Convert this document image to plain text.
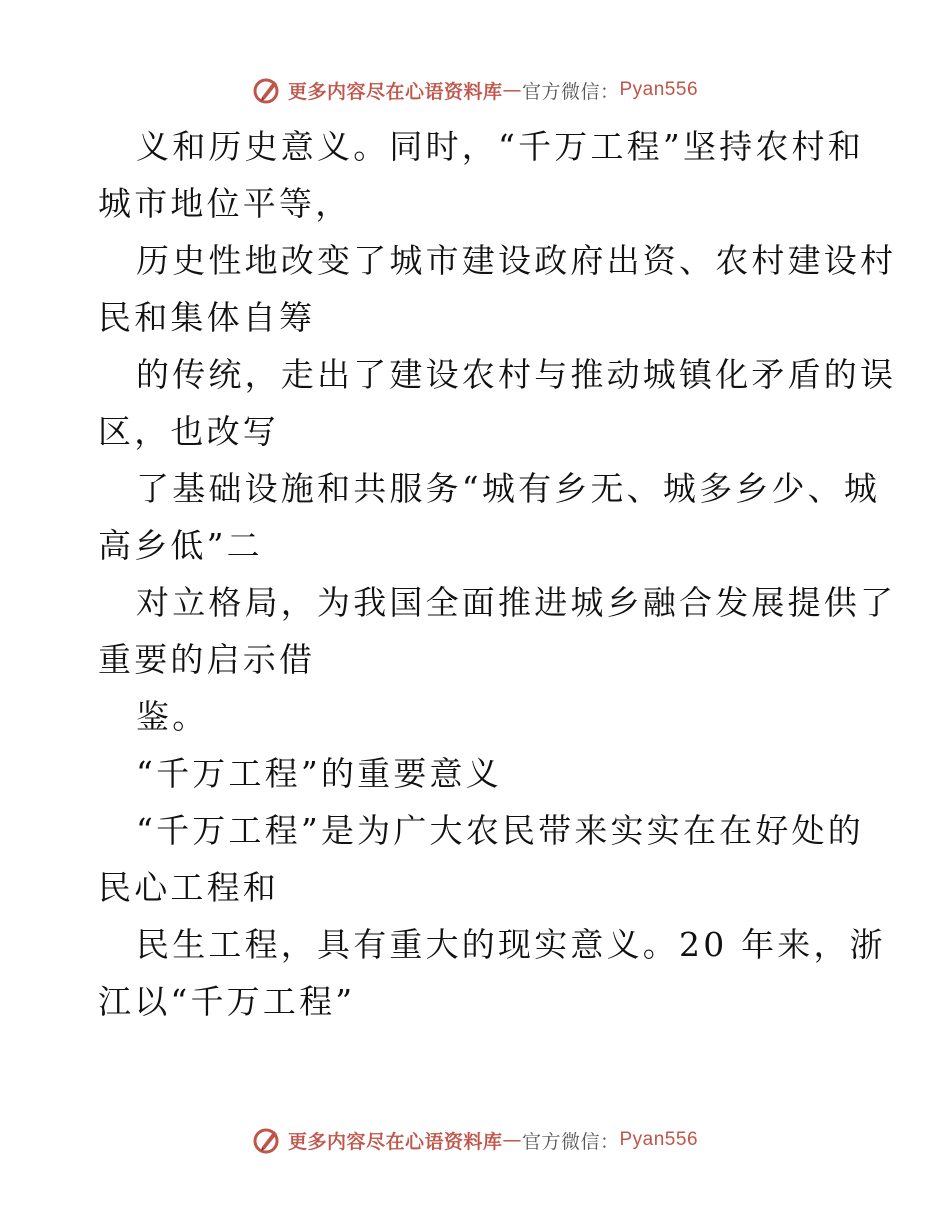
更多内容尽在心语资料库 — 官方微信： Pyan556
义和历史意义。同时，“千万工程”坚持农村和
城市地位平等，
历史性地改变了城市建设政府出资、农村建设村
民和集体自筹
的传统，走出了建设农村与推动城镇化矛盾的误
区，也改写
了基础设施和共服务“城有乡无、城多乡少、城
高乡低”二
对立格局，为我国全面推进城乡融合发展提供了
重要的启示借
鉴。
“千万工程”的重要意义
“千万工程”是为广大农民带来实实在在好处的
民心工程和
民生工程，具有重大的现实意义。20 年来，浙
江以“千万工程”
更多内容尽在心语资料库 — 官方微信： Pyan556
